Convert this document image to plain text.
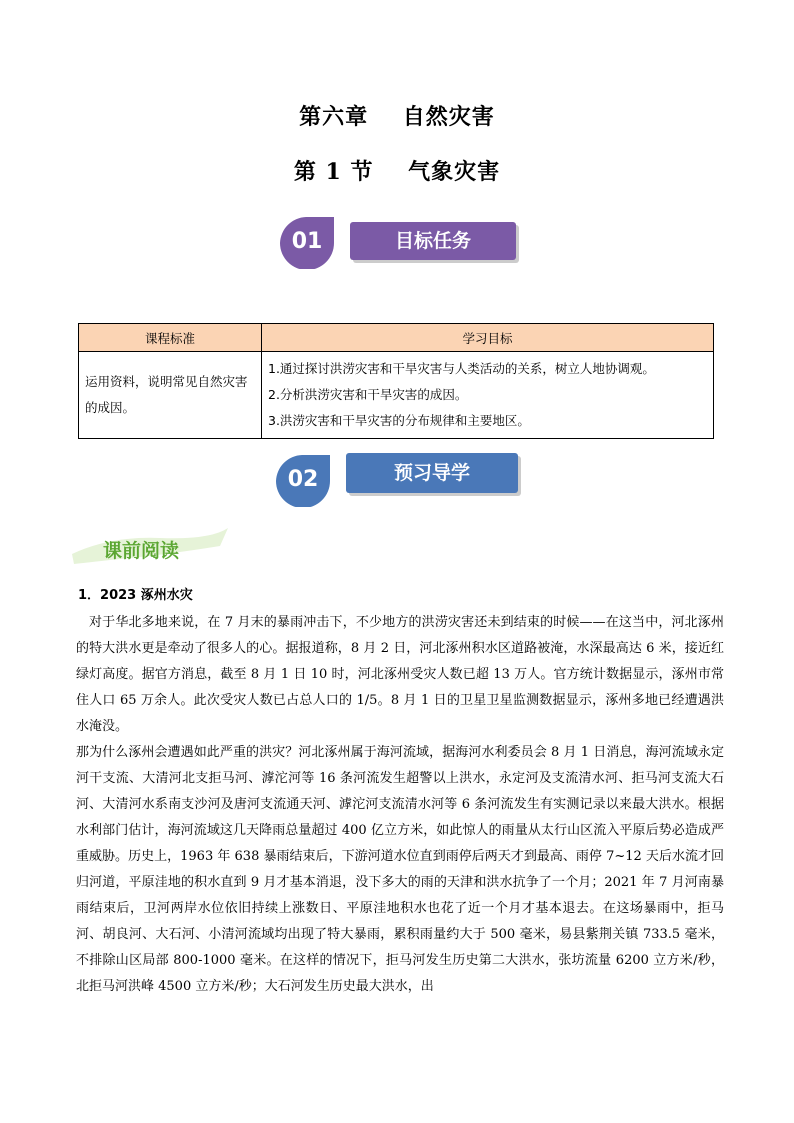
第六章    自然灾害
第 1 节    气象灾害
01	目标任务
课程标准	学习目标
运用资料，说明常见自然灾害的成因。	1.通过探讨洪涝灾害和干旱灾害与人类活动的关系，树立人地协调观。
2.分析洪涝灾害和干旱灾害的成因。
3.洪涝灾害和干旱灾害的分布规律和主要地区。
02	预习导学
课前阅读
1．2023 涿州水灾

对于华北多地来说，在 7 月末的暴雨冲击下，不少地方的洪涝灾害还未到结束的时候——在这当中，河北涿州的特大洪水更是牵动了很多人的心。据报道称，8 月 2 日，河北涿州积水区道路被淹，水深最高达 6 米，接近红绿灯高度。据官方消息，截至 8 月 1 日 10 时，河北涿州受灾人数已超 13 万人。官方统计数据显示，涿州市常住人口 65 万余人。此次受灾人数已占总人口的 1/5。8 月 1 日的卫星卫星监测数据显示，涿州多地已经遭遇洪水淹没。

那为什么涿州会遭遇如此严重的洪灾？河北涿州属于海河流域，据海河水利委员会 8 月 1 日消息，海河流域永定河干支流、大清河北支拒马河、滹沱河等 16 条河流发生超警以上洪水，永定河及支流清水河、拒马河支流大石河、大清河水系南支沙河及唐河支流通天河、滹沱河支流清水河等 6 条河流发生有实测记录以来最大洪水。根据水利部门估计，海河流域这几天降雨总量超过 400 亿立方米，如此惊人的雨量从太行山区流入平原后势必造成严重威胁。历史上，1963 年 638 暴雨结束后，下游河道水位直到雨停后两天才到最高、雨停 7~12 天后水流才回归河道，平原洼地的积水直到 9 月才基本消退，没下多大的雨的天津和洪水抗争了一个月；2021 年 7 月河南暴雨结束后，卫河两岸水位依旧持续上涨数日、平原洼地积水也花了近一个月才基本退去。在这场暴雨中，拒马河、胡良河、大石河、小清河流域均出现了特大暴雨，累积雨量约大于 500 毫米，易县紫荆关镇 733.5 毫米，不排除山区局部 800-1000 毫米。在这样的情况下，拒马河发生历史第二大洪水，张坊流量 6200 立方米/秒，北拒马河洪峰 4500 立方米/秒；大石河发生历史最大洪水，出
